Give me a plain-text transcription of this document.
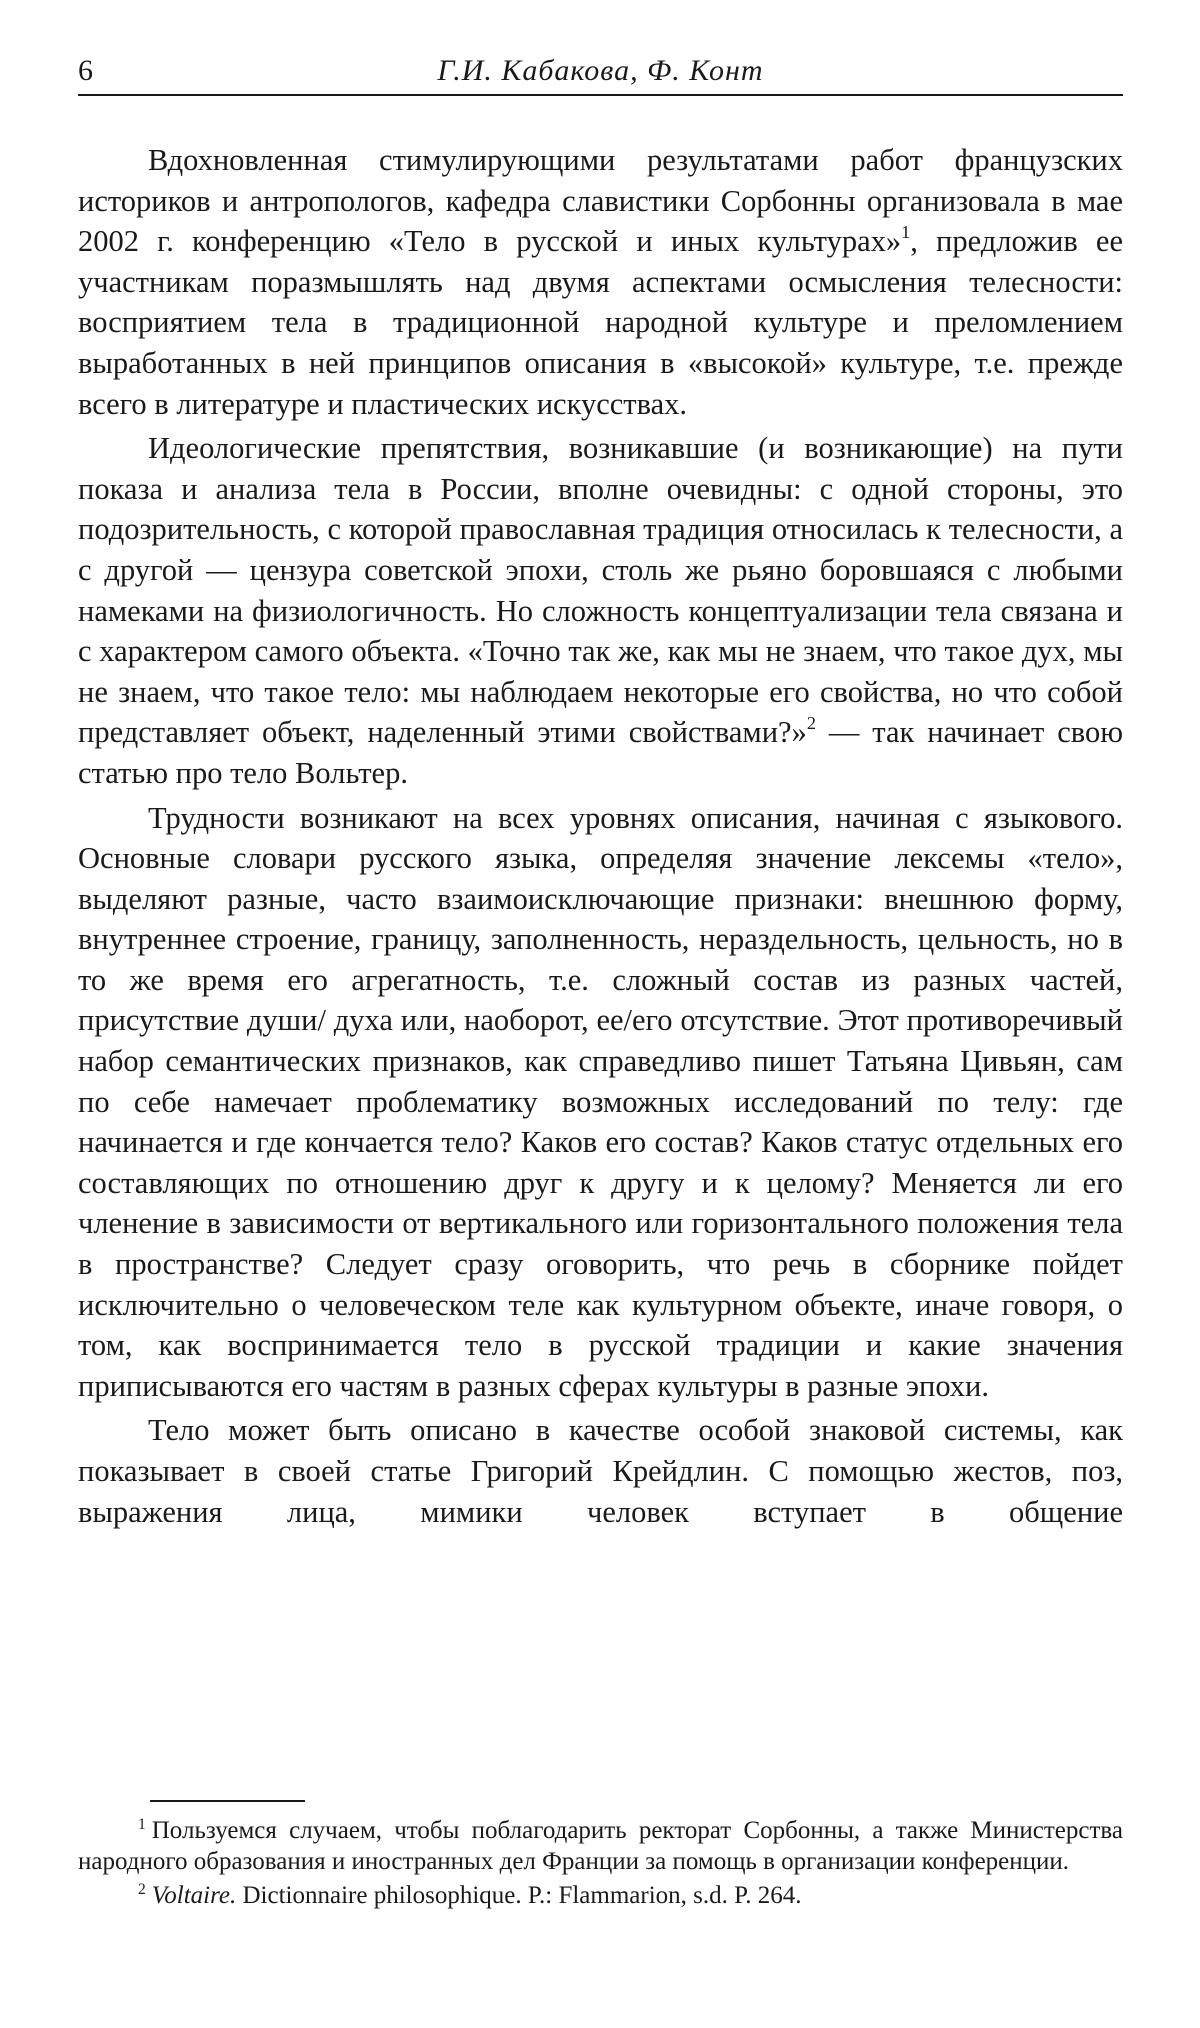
6	Г.И. Кабакова, Ф. Конт

Вдохновленная стимулирующими результатами работ французских историков и антропологов, кафедра славистики Сорбонны организовала в мае 2002 г. конференцию «Тело в русской и иных культурах»$^1$, предложив ее участникам поразмышлять над двумя аспектами осмысления телесности: восприятием тела в традиционной народной культуре и преломлением выработанных в ней принципов описания в «высокой» культуре, т.е. прежде всего в литературе и пластических искусствах.

Идеологические препятствия, возникавшие (и возникающие) на пути показа и анализа тела в России, вполне очевидны: с одной стороны, это подозрительность, с которой православная традиция относилась к телесности, а с другой — цензура советской эпохи, столь же рьяно боровшаяся с любыми намеками на физиологичность. Но сложность концептуализации тела связана и с характером самого объекта. «Точно так же, как мы не знаем, что такое дух, мы не знаем, что такое тело: мы наблюдаем некоторые его свойства, но что собой представляет объект, наделенный этими свойствами?»$^2$ — так начинает свою статью про тело Вольтер.

Трудности возникают на всех уровнях описания, начиная с языкового. Основные словари русского языка, определяя значение лексемы «тело», выделяют разные, часто взаимоисключающие признаки: внешнюю форму, внутреннее строение, границу, заполненность, нераздельность, цельность, но в то же время его агрегатность, т.е. сложный состав из разных частей, присутствие души/ духа или, наоборот, ее/его отсутствие. Этот противоречивый набор семантических признаков, как справедливо пишет Татьяна Цивьян, сам по себе намечает проблематику возможных исследований по телу: где начинается и где кончается тело? Каков его состав? Каков статус отдельных его составляющих по отношению друг к другу и к целому? Меняется ли его членение в зависимости от вертикального или горизонтального положения тела в пространстве? Следует сразу оговорить, что речь в сборнике пойдет исключительно о человеческом теле как культурном объекте, иначе говоря, о том, как воспринимается тело в русской традиции и какие значения приписываются его частям в разных сферах культуры в разные эпохи.

Тело может быть описано в качестве особой знаковой системы, как показывает в своей статье Григорий Крейдлин. С помощью жестов, поз, выражения лица, мимики человек вступает в общение

$^1$ Пользуемся случаем, чтобы поблагодарить ректорат Сорбонны, а также Министерства народного образования и иностранных дел Франции за помощь в организации конференции.

$^2$ Voltaire. Dictionnaire philosophique. P.: Flammarion, s.d. P. 264.
